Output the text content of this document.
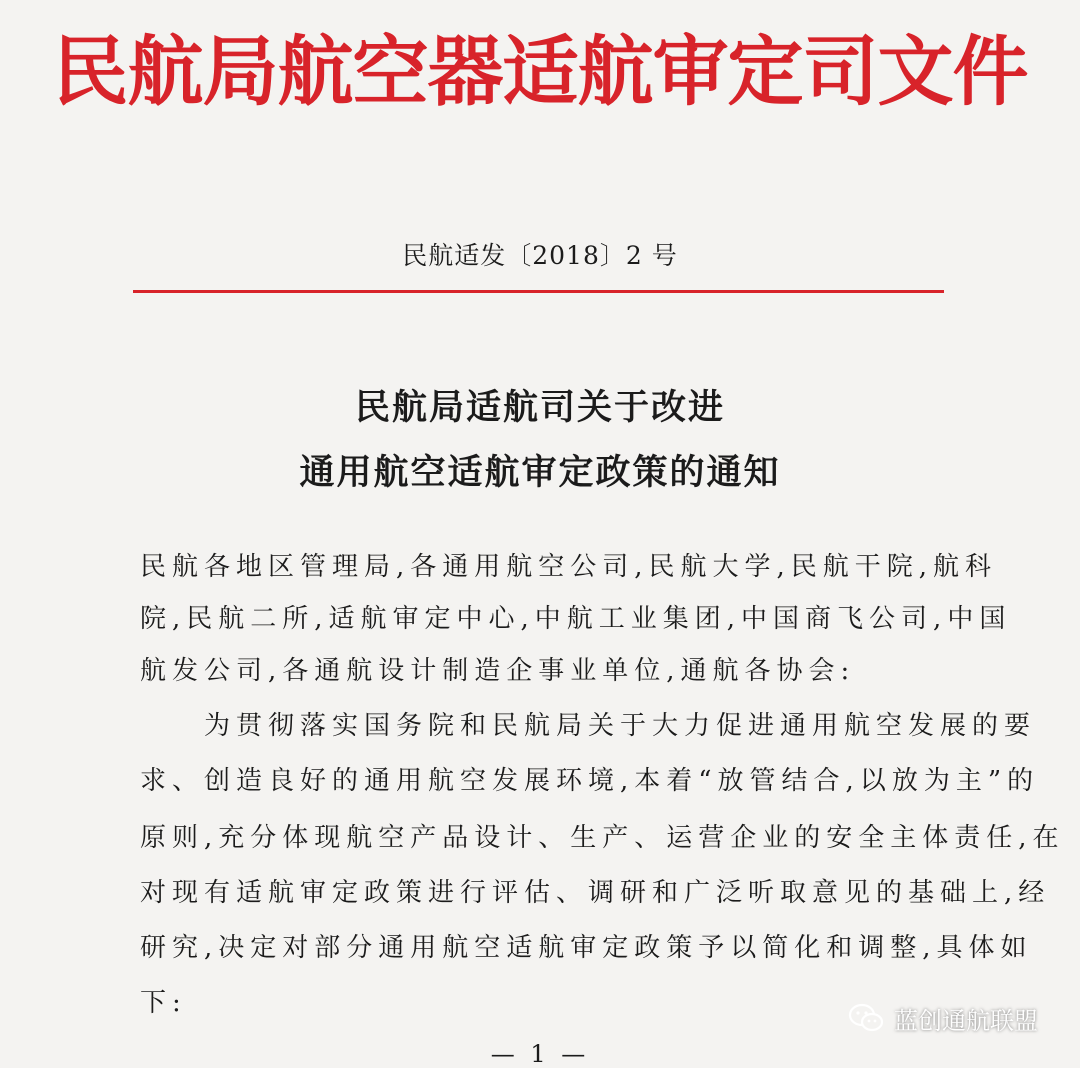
民航局航空器适航审定司文件
民航适发〔2018〕2 号
民航局适航司关于改进
通用航空适航审定政策的通知
民航各地区管理局,各通用航空公司,民航大学,民航干院,航科
院,民航二所,适航审定中心,中航工业集团,中国商飞公司,中国
航发公司,各通航设计制造企事业单位,通航各协会:
　　为贯彻落实国务院和民航局关于大力促进通用航空发展的要
求、创造良好的通用航空发展环境,本着“放管结合,以放为主”的
原则,充分体现航空产品设计、生产、运营企业的安全主体责任,在
对现有适航审定政策进行评估、调研和广泛听取意见的基础上,经
研究,决定对部分通用航空适航审定政策予以简化和调整,具体如
下:
蓝创通航联盟
— 1 —
